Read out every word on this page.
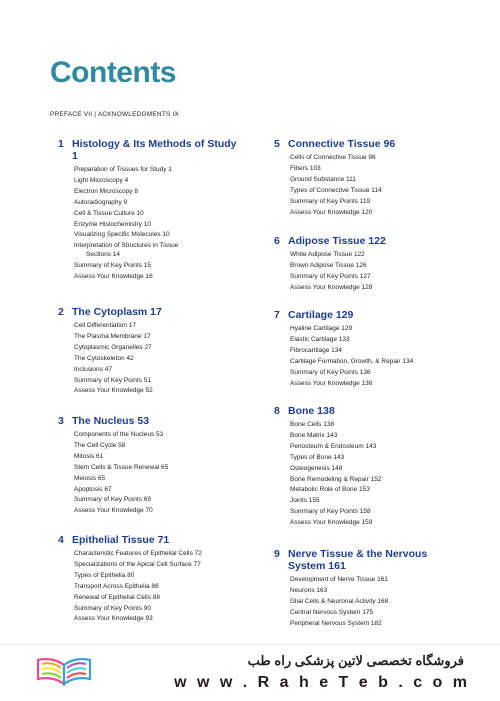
Contents
PREFACE VII | ACKNOWLEDGMENTS IX
1 Histology & Its Methods of Study 1
Preparation of Tissues for Study 1
Light Microscopy 4
Electron Microscopy 8
Autoradiography 9
Cell & Tissue Culture 10
Enzyme Histochemistry 10
Visualizing Specific Molecules 10
Interpretation of Structures in Tissue
Sections 14
Summary of Key Points 15
Assess Your Knowledge 16
2 The Cytoplasm 17
Cell Differentiation 17
The Plasma Membrane 17
Cytoplasmic Organelles 27
The Cytoskeleton 42
Inclusions 47
Summary of Key Points 51
Assess Your Knowledge 52
3 The Nucleus 53
Components of the Nucleus 53
The Cell Cycle 58
Mitosis 61
Stem Cells & Tissue Renewal 65
Meiosis 65
Apoptosis 67
Summary of Key Points 69
Assess Your Knowledge 70
4 Epithelial Tissue 71
Characteristic Features of Epithelial Cells 72
Specializations of the Apical Cell Surface 77
Types of Epithelia 80
Transport Across Epithelia 88
Renewal of Epithelial Cells 88
Summary of Key Points 90
Assess Your Knowledge 93
5 Connective Tissue 96
Cells of Connective Tissue 96
Fibers 103
Ground Substance 111
Types of Connective Tissue 114
Summary of Key Points 119
Assess Your Knowledge 120
6 Adipose Tissue 122
White Adipose Tissue 122
Brown Adipose Tissue 126
Summary of Key Points 127
Assess Your Knowledge 128
7 Cartilage 129
Hyaline Cartilage 129
Elastic Cartilage 133
Fibrocartilage 134
Cartilage Formation, Growth, & Repair 134
Summary of Key Points 136
Assess Your Knowledge 136
8 Bone 138
Bone Cells 138
Bone Matrix 143
Periosteum & Endosteum 143
Types of Bone 143
Osteogenesis 148
Bone Remodeling & Repair 152
Metabolic Role of Bone 153
Joints 155
Summary of Key Points 158
Assess Your Knowledge 159
9 Nerve Tissue & the Nervous System 161
Development of Nerve Tissue 161
Neurons 163
Glial Cells & Neuronal Activity 168
Central Nervous System 175
Peripheral Nervous System 182
فروشگاه تخصصی لاتین پزشکی راه طب
w w w . R a h e T e b . c o m
